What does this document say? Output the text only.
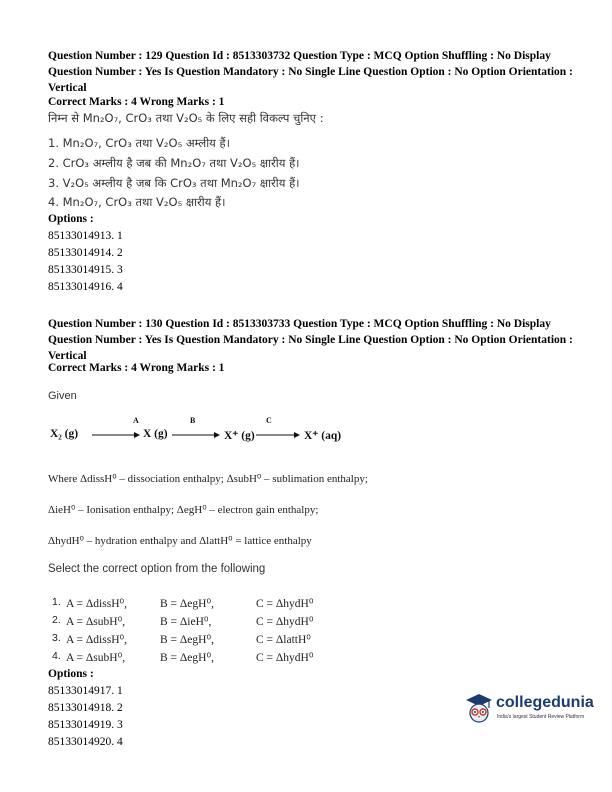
Question Number : 129 Question Id : 8513303732 Question Type : MCQ Option Shuffling : No Display Question Number : Yes Is Question Mandatory : No Single Line Question Option : No Option Orientation : Vertical
Correct Marks : 4 Wrong Marks : 1
निम्न से Mn₂O₇, CrO₃ तथा V₂O₅ के लिए सही विकल्प चुनिए :
1. Mn₂O₇, CrO₃ तथा V₂O₅ अम्लीय हैं।
2. CrO₃ अम्लीय है जब की Mn₂O₇ तथा V₂O₅ क्षारीय हैं।
3. V₂O₅ अम्लीय है जब कि CrO₃ तथा Mn₂O₇ क्षारीय हैं।
4. Mn₂O₇, CrO₃ तथा V₂O₅ क्षारीय हैं।
Options :
85133014913. 1
85133014914. 2
85133014915. 3
85133014916. 4
Question Number : 130 Question Id : 8513303733 Question Type : MCQ Option Shuffling : No Display Question Number : Yes Is Question Mandatory : No Single Line Question Option : No Option Orientation : Vertical
Correct Marks : 4 Wrong Marks : 1
Given
X₂ (g)
A
X (g)
B
X⁺ (g)
C
X⁺ (aq)
Where ΔdissH⁰ – dissociation enthalpy; ΔsubH⁰ – sublimation enthalpy;
ΔieH⁰ – Ionisation enthalpy; ΔegH⁰ – electron gain enthalpy;
ΔhydH⁰ – hydration enthalpy and ΔlattH⁰ = lattice enthalpy
Select the correct option from the following
1. A = ΔdissH⁰,	B = ΔegH⁰,	C = ΔhydH⁰
2. A = ΔsubH⁰,	B = ΔieH⁰,	C = ΔhydH⁰
3. A = ΔdissH⁰,	B = ΔegH⁰,	C = ΔlattH⁰
4. A = ΔsubH⁰,	B = ΔegH⁰,	C = ΔhydH⁰
Options :
85133014917. 1
85133014918. 2
85133014919. 3
85133014920. 4
collegedunia
India's largest Student Review Platform
